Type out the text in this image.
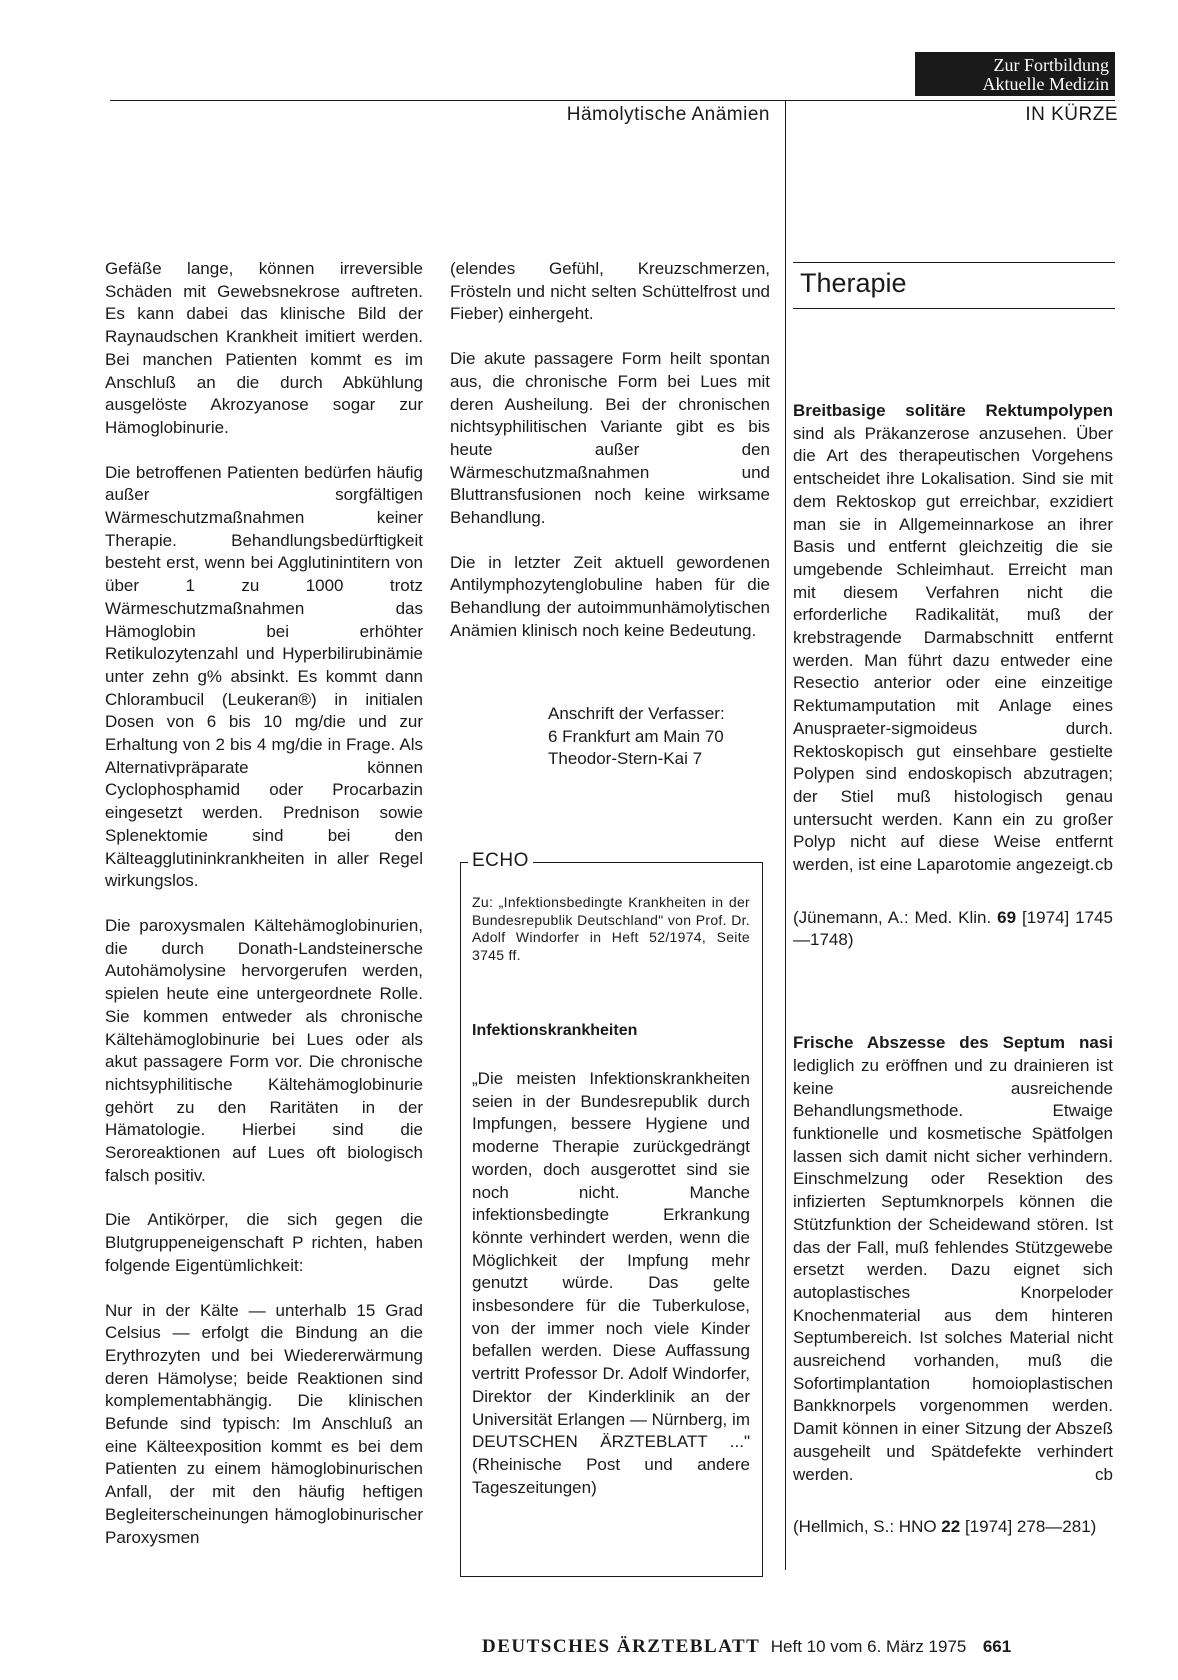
Zur Fortbildung
Aktuelle Medizin
Hämolytische Anämien	IN KÜRZE

Gefäße lange, können irreversible Schäden mit Gewebsnekrose auftreten. Es kann dabei das klinische Bild der Raynaudschen Krankheit imitiert werden. Bei manchen Patienten kommt es im Anschluß an die durch Abkühlung ausgelöste Akrozyanose sogar zur Hämoglobinurie.

Die betroffenen Patienten bedürfen häufig außer sorgfältigen Wärmeschutzmaßnahmen keiner Therapie. Behandlungsbedürftigkeit besteht erst, wenn bei Agglutinintitern von über 1 zu 1000 trotz Wärmeschutzmaßnahmen das Hämoglobin bei erhöhter Retikulozytenzahl und Hyperbilirubinämie unter zehn g% absinkt. Es kommt dann Chlorambucil (Leukeran®) in initialen Dosen von 6 bis 10 mg/die und zur Erhaltung von 2 bis 4 mg/die in Frage. Als Alternativpräparate können Cyclophosphamid oder Procarbazin eingesetzt werden. Prednison sowie Splenektomie sind bei den Kälteagglutininkrankheiten in aller Regel wirkungslos.

Die paroxysmalen Kältehämoglobinurien, die durch Donath-Landsteinersche Autohämolysine hervorgerufen werden, spielen heute eine untergeordnete Rolle. Sie kommen entweder als chronische Kältehämoglobinurie bei Lues oder als akut passagere Form vor. Die chronische nichtsyphilitische Kältehämoglobinurie gehört zu den Raritäten in der Hämatologie. Hierbei sind die Seroreaktionen auf Lues oft biologisch falsch positiv.

Die Antikörper, die sich gegen die Blutgruppeneigenschaft P richten, haben folgende Eigentümlichkeit:

Nur in der Kälte — unterhalb 15 Grad Celsius — erfolgt die Bindung an die Erythrozyten und bei Wiedererwärmung deren Hämolyse; beide Reaktionen sind komplementabhängig. Die klinischen Befunde sind typisch: Im Anschluß an eine Kälteexposition kommt es bei dem Patienten zu einem hämoglobinurischen Anfall, der mit den häufig heftigen Begleiterscheinungen hämoglobinurischer Paroxysmen

(elendes Gefühl, Kreuzschmerzen, Frösteln und nicht selten Schüttelfrost und Fieber) einhergeht.

Die akute passagere Form heilt spontan aus, die chronische Form bei Lues mit deren Ausheilung. Bei der chronischen nichtsyphilitischen Variante gibt es bis heute außer den Wärmeschutzmaßnahmen und Bluttransfusionen noch keine wirksame Behandlung.

Die in letzter Zeit aktuell gewordenen Antilymphozytenglobuline haben für die Behandlung der autoimmunhämolytischen Anämien klinisch noch keine Bedeutung.

Anschrift der Verfasser:
6 Frankfurt am Main 70
Theodor-Stern-Kai 7
ECHO
Zu: „Infektionsbedingte Krankheiten in der Bundesrepublik Deutschland" von Prof. Dr. Adolf Windorfer in Heft 52/1974, Seite 3745 ff.
Infektionskrankheiten
„Die meisten Infektionskrankheiten seien in der Bundesrepublik durch Impfungen, bessere Hygiene und moderne Therapie zurückgedrängt worden, doch ausgerottet sind sie noch nicht. Manche infektionsbedingte Erkrankung könnte verhindert werden, wenn die Möglichkeit der Impfung mehr genutzt würde. Das gelte insbesondere für die Tuberkulose, von der immer noch viele Kinder befallen werden. Diese Auffassung vertritt Professor Dr. Adolf Windorfer, Direktor der Kinderklinik an der Universität Erlangen — Nürnberg, im DEUTSCHEN ÄRZTEBLATT ..." (Rheinische Post und andere Tageszeitungen)
Therapie

Breitbasige solitäre Rektumpolypen sind als Präkanzerose anzusehen. Über die Art des therapeutischen Vorgehens entscheidet ihre Lokalisation. Sind sie mit dem Rektoskop gut erreichbar, exzidiert man sie in Allgemeinnarkose an ihrer Basis und entfernt gleichzeitig die sie umgebende Schleimhaut. Erreicht man mit diesem Verfahren nicht die erforderliche Radikalität, muß der krebstragende Darmabschnitt entfernt werden. Man führt dazu entweder eine Resectio anterior oder eine einzeitige Rektumamputation mit Anlage eines Anuspraeter-sigmoideus durch. Rektoskopisch gut einsehbare gestielte Polypen sind endoskopisch abzutragen; der Stiel muß histologisch genau untersucht werden. Kann ein zu großer Polyp nicht auf diese Weise entfernt werden, ist eine Laparotomie angezeigt. cb

(Jünemann, A.: Med. Klin. 69 [1974] 1745—1748)

Frische Abszesse des Septum nasi lediglich zu eröffnen und zu drainieren ist keine ausreichende Behandlungsmethode. Etwaige funktionelle und kosmetische Spätfolgen lassen sich damit nicht sicher verhindern. Einschmelzung oder Resektion des infizierten Septumknorpels können die Stützfunktion der Scheidewand stören. Ist das der Fall, muß fehlendes Stützgewebe ersetzt werden. Dazu eignet sich autoplastisches Knorpeloder Knochenmaterial aus dem hinteren Septumbereich. Ist solches Material nicht ausreichend vorhanden, muß die Sofortimplantation homoioplastischen Bankknorpels vorgenommen werden. Damit können in einer Sitzung der Abszeß ausgeheilt und Spätdefekte verhindert werden.	cb

(Hellmich, S.: HNO 22 [1974] 278—281)

DEUTSCHES ÄRZTEBLATT Heft 10 vom 6. März 1975 661
